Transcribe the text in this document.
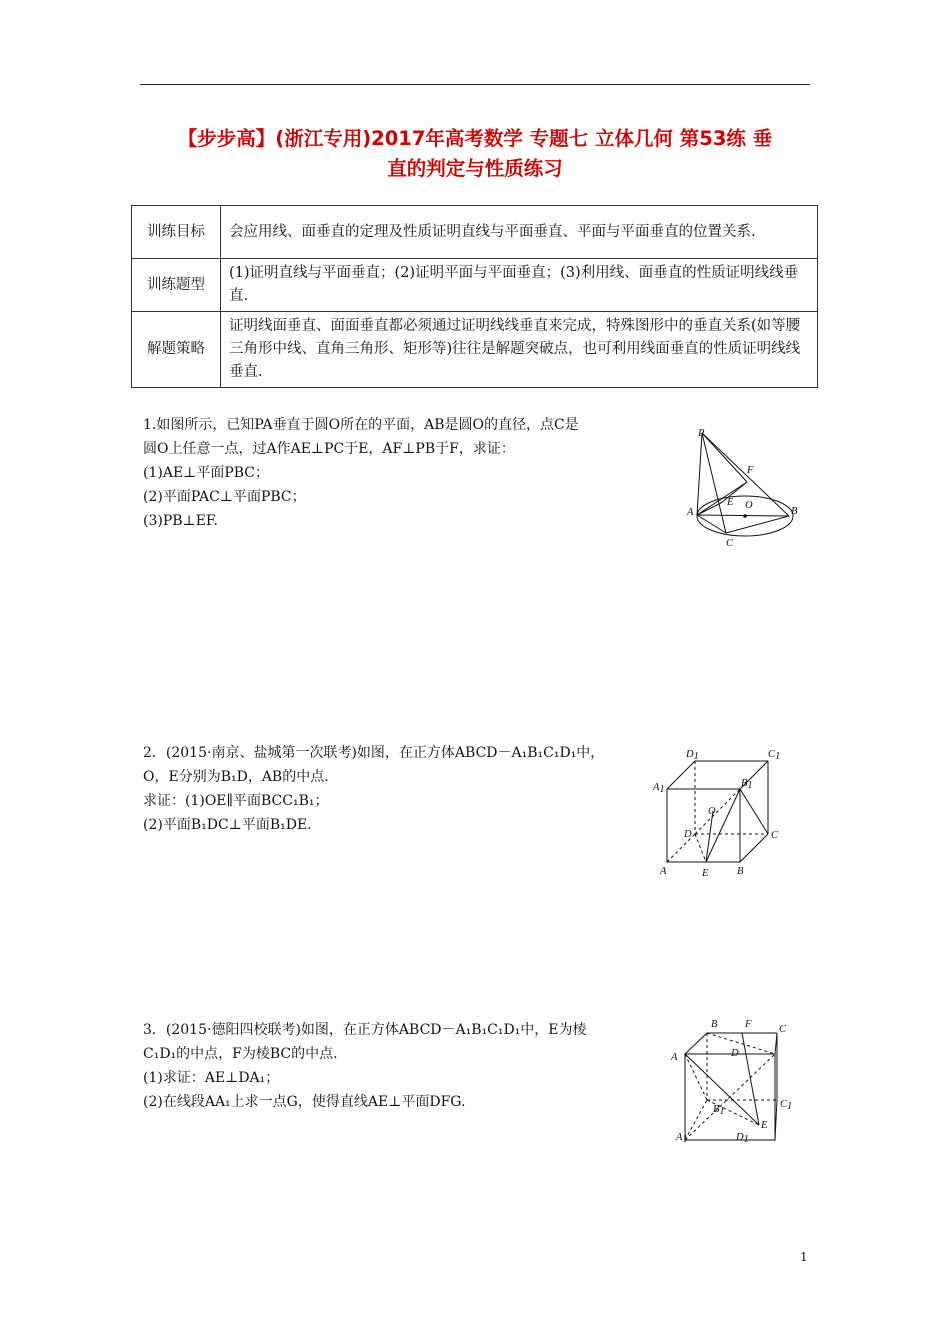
【步步高】(浙江专用)2017年高考数学 专题七 立体几何 第53练 垂
直的判定与性质练习
训练目标	会应用线、面垂直的定理及性质证明直线与平面垂直、平面与平面垂直的位置关系.
训练题型	(1)证明直线与平面垂直；(2)证明平面与平面垂直；(3)利用线、面垂直的性质证明线线垂直.
解题策略	证明线面垂直、面面垂直都必须通过证明线线垂直来完成，特殊图形中的垂直关系(如等腰三角形中线、直角三角形、矩形等)往往是解题突破点，也可利用线面垂直的性质证明线线垂直.

1.如图所示，已知PA垂直于圆O所在的平面，AB是圆O的直径，点C是

圆O上任意一点，过A作AE⊥PC于E，AF⊥PB于F，求证：

(1)AE⊥平面PBC；

(2)平面PAC⊥平面PBC；

(3)PB⊥EF.

P
F
E O
A	B
C

2．(2015·南京、盐城第一次联考)如图，在正方体ABCD－A₁B₁C₁D₁中，

O，E分别为B₁D，AB的中点.

求证：(1)OE∥平面BCC₁B₁；

(2)平面B₁DC⊥平面B₁DE.

D1	C1
A1
B1
O
D	C
A	E	B

3．(2015·德阳四校联考)如图，在正方体ABCD－A₁B₁C₁D₁中，E为棱

C₁D₁的中点，F为棱BC的中点.

(1)求证：AE⊥DA₁；

(2)在线段AA₁上求一点G，使得直线AE⊥平面DFG.

B	F	C
A	D
B1
C1
E
A1	D1
1
